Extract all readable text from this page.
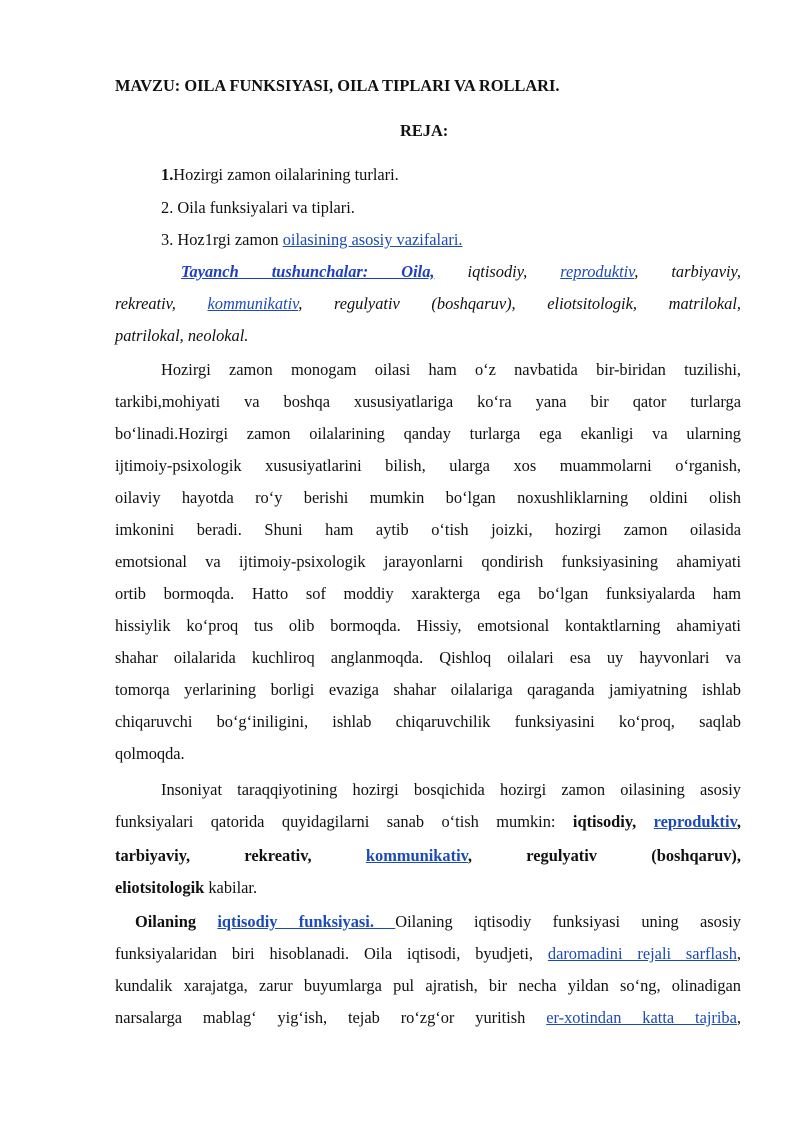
MAVZU: OILA FUNKSIYASI, OILA TIPLARI VA ROLLARI.
REJA:
1.Hozirgi zamon oilalarining turlari.
2. Oila funksiyalari va tiplari.
3. Hoz1rgi zamon oilasining asosiy vazifalari.
Tayanch tushunchalar: Oila, iqtisodiy, reproduktiv, tarbiyaviy,
rekreativ, kommunikativ, regulyativ (boshqaruv), eliotsitologik, matrilokal,
patrilokal, neolokal.
Hozirgi zamon monogam oilasi ham o‘z navbatida bir-biridan tuzilishi,
tarkibi,mohiyati va boshqa xususiyatlariga ko‘ra yana bir qator turlarga
bo‘linadi.Hozirgi zamon oilalarining qanday turlarga ega ekanligi va ularning
ijtimoiy-psixologik xususiyatlarini bilish, ularga xos muammolarni o‘rganish,
oilaviy hayotda ro‘y berishi mumkin bo‘lgan noxushliklarning oldini olish
imkonini beradi. Shuni ham aytib o‘tish joizki, hozirgi zamon oilasida
emotsional va ijtimoiy-psixologik jarayonlarni qondirish funksiyasining ahamiyati
ortib bormoqda. Hatto sof moddiy xarakterga ega bo‘lgan funksiyalarda ham
hissiylik ko‘proq tus olib bormoqda. Hissiy, emotsional kontaktlarning ahamiyati
shahar oilalarida kuchliroq anglanmoqda. Qishloq oilalari esa uy hayvonlari va
tomorqa yerlarining borligi evaziga shahar oilalariga qaraganda jamiyatning ishlab
chiqaruvchi bo‘g‘iniligini, ishlab chiqaruvchilik funksiyasini ko‘proq, saqlab
qolmoqda.
Insoniyat taraqqiyotining hozirgi bosqichida hozirgi zamon oilasining asosiy
funksiyalari qatorida quyidagilarni sanab o‘tish mumkin: iqtisodiy, reproduktiv,
tarbiyaviy, rekreativ, kommunikativ, regulyativ (boshqaruv),
eliotsitologik kabilar.
Oilaning iqtisodiy funksiyasi. Oilaning iqtisodiy funksiyasi uning asosiy
funksiyalaridan biri hisoblanadi. Oila iqtisodi, byudjeti, daromadini rejali sarflash,
kundalik xarajatga, zarur buyumlarga pul ajratish, bir necha yildan so‘ng, olinadigan
narsalarga mablag‘ yig‘ish, tejab ro‘zg‘or yuritish er-xotindan katta tajriba,
